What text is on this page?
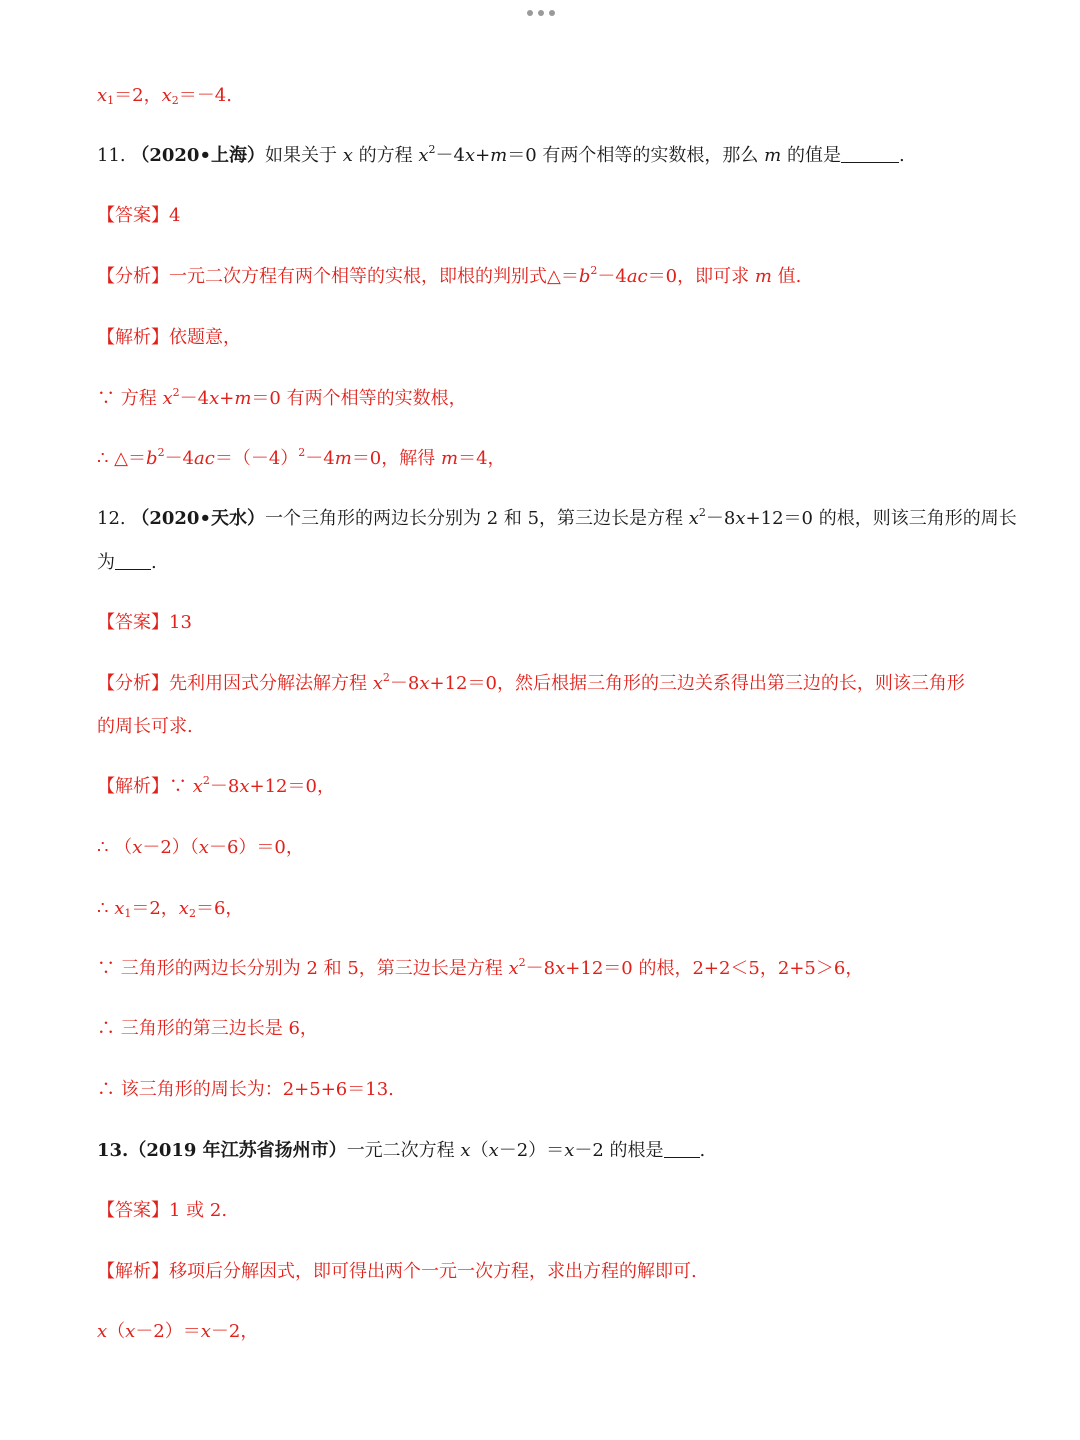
$x_1=2$，$x_2=-4$.
11. （2020•上海）如果关于 x 的方程 $x^2-4x+m=0$ 有两个相等的实数根，那么 m 的值是	.
【答案】4
【分析】一元二次方程有两个相等的实根，即根的判别式$\triangle=b^2-4ac=0$，即可求 m 值.
【解析】依题意，
∵ 方程 $x^2-4x+m=0$ 有两个相等的实数根，
∴ $\triangle=b^2-4ac=(-4)^2-4m=0$，解得 m＝4，
12. （2020•天水）一个三角形的两边长分别为 2 和 5，第三边长是方程 $x^2-8x+12=0$ 的根，则该三角形的周长
为 .
【答案】13
【分析】先利用因式分解法解方程 $x^2-8x+12=0$，然后根据三角形的三边关系得出第三边的长，则该三角形
的周长可求.
【解析】∵ $x^2-8x+12=0$，
∴ （x－2）（x－6）＝0，
∴ $x_1=2$，$x_2=6$，
∵ 三角形的两边长分别为 2 和 5，第三边长是方程 $x^2-8x+12=0$ 的根，2+2＜5，2+5＞6，
∴ 三角形的第三边长是 6，
∴ 该三角形的周长为：2+5+6＝13.
13.（2019 年江苏省扬州市）一元二次方程 x（x－2）＝x－2 的根是 .
【答案】1 或 2.
【解析】移项后分解因式，即可得出两个一元一次方程，求出方程的解即可.
x（x－2）＝x－2，
